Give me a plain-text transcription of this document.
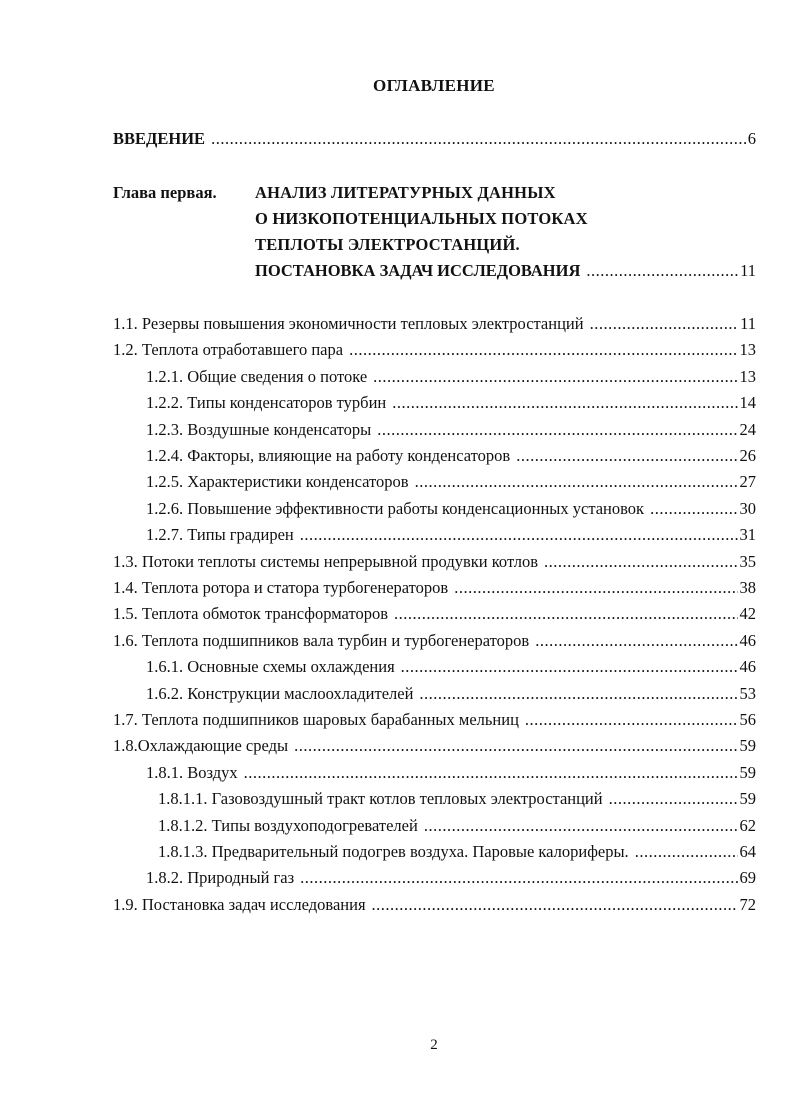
ОГЛАВЛЕНИЕ
ВВЕДЕНИЕ .....	6
Глава первая. АНАЛИЗ ЛИТЕРАТУРНЫХ ДАННЫХ
О НИЗКОПОТЕНЦИАЛЬНЫХ ПОТОКАХ
ТЕПЛОТЫ ЭЛЕКТРОСТАНЦИЙ.
ПОСТАНОВКА ЗАДАЧ ИССЛЕДОВАНИЯ .....	11
1.1. Резервы повышения экономичности тепловых электростанций .....	11
1.2. Теплота отработавшего пара .....	13
1.2.1. Общие сведения о потоке .....	13
1.2.2. Типы конденсаторов турбин .....	14
1.2.3. Воздушные конденсаторы .....	24
1.2.4. Факторы, влияющие на работу конденсаторов .....	26
1.2.5. Характеристики конденсаторов .....	27
1.2.6. Повышение эффективности работы конденсационных установок .....	30
1.2.7. Типы градирен .....	31
1.3. Потоки теплоты системы непрерывной продувки котлов .....	35
1.4. Теплота ротора и статора турбогенераторов .....	38
1.5. Теплота обмоток трансформаторов .....	42
1.6. Теплота подшипников вала турбин и турбогенераторов .....	46
1.6.1. Основные схемы охлаждения .....	46
1.6.2. Конструкции маслоохладителей .....	53
1.7. Теплота подшипников шаровых барабанных мельниц .....	56
1.8.Охлаждающие среды .....	59
1.8.1. Воздух .....	59
1.8.1.1. Газовоздушный тракт котлов тепловых электростанций .....	59
1.8.1.2. Типы воздухоподогревателей .....	62
1.8.1.3. Предварительный подогрев воздуха. Паровые калориферы. .....	64
1.8.2. Природный газ .....	69
1.9. Постановка задач исследования .....	72
2
